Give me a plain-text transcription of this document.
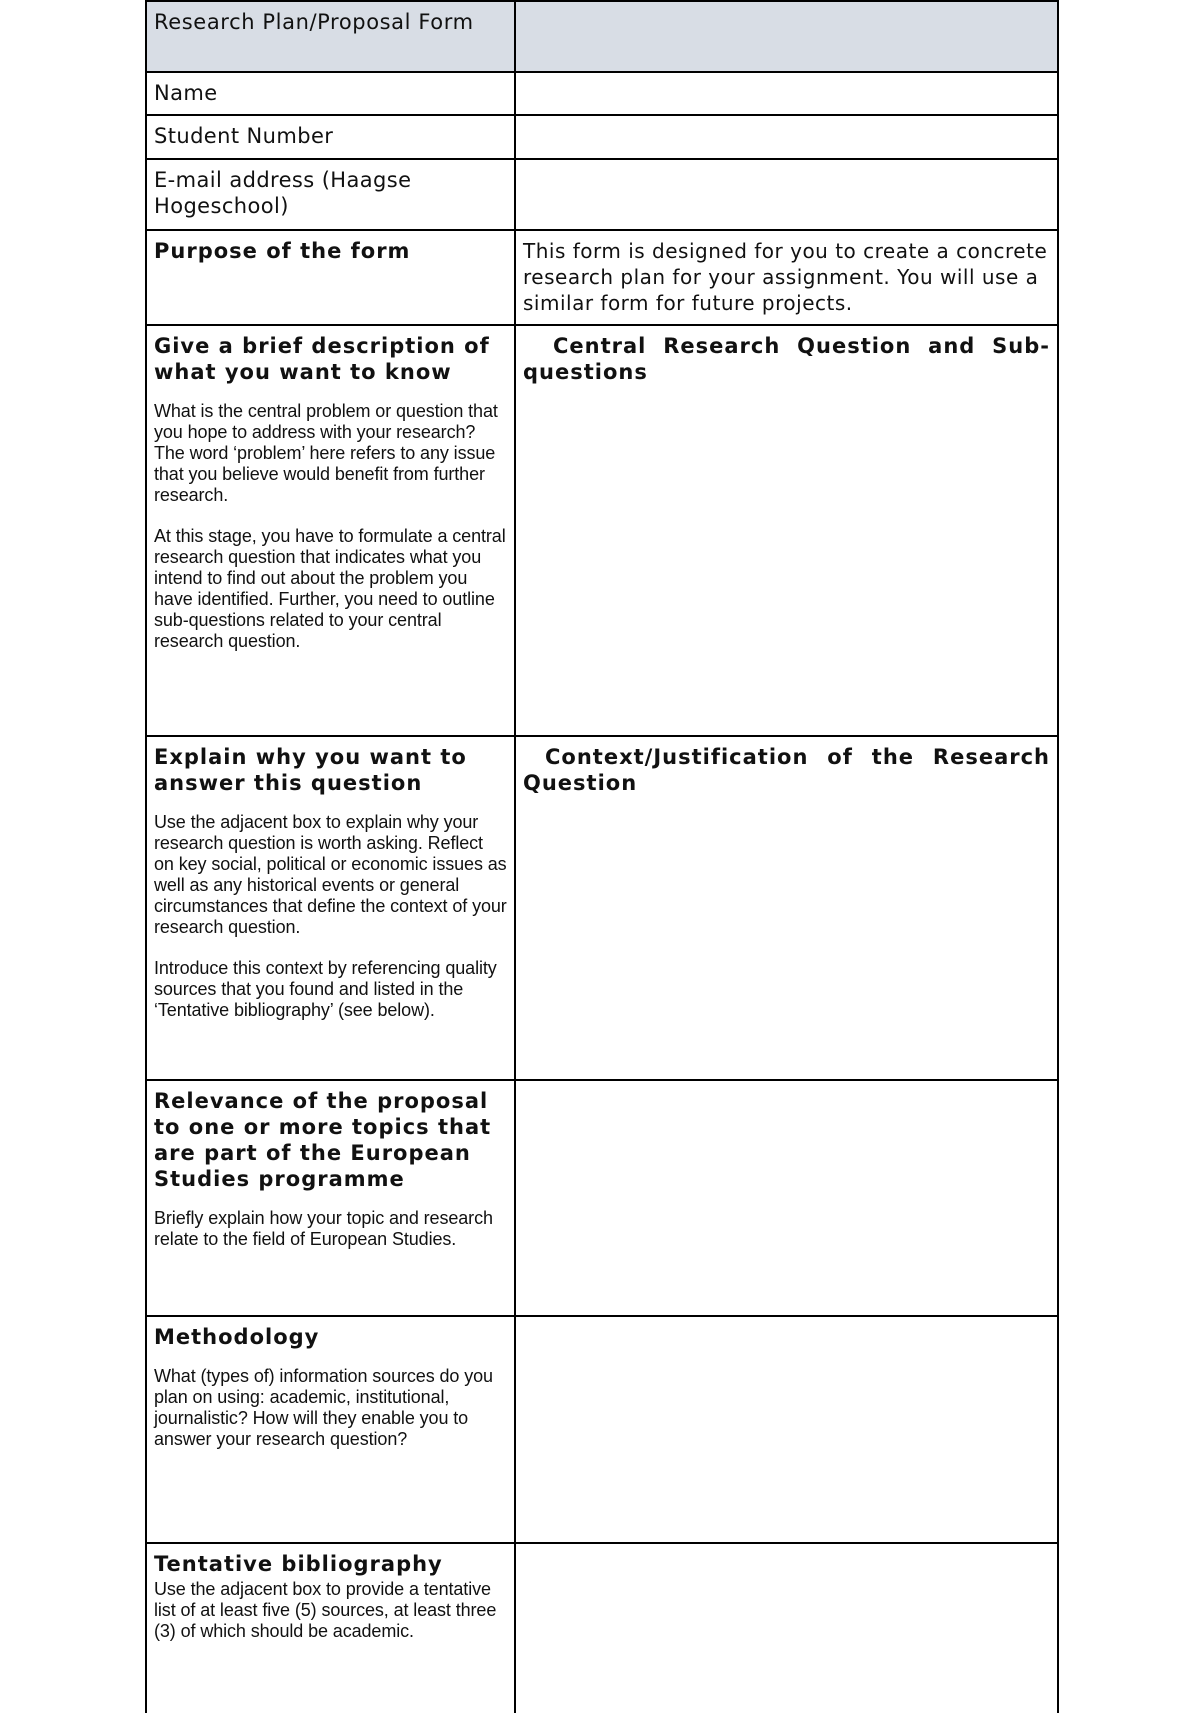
Research Plan/Proposal Form	
Name	
Student Number	
E-mail address (Haagse Hogeschool)	
Purpose of the form	This form is designed for you to create a concrete research plan for your assignment. You will use a similar form for future projects.

Give a brief description of what you want to know

What is the central problem or question that you hope to address with your research? The word ‘problem’ here refers to any issue that you believe would benefit from further research.

At this stage, you have to formulate a central research question that indicates what you intend to find out about the problem you have identified. Further, you need to outline sub-questions related to your central research question.	Central Research Question and Sub-questions

Explain why you want to answer this question

Use the adjacent box to explain why your research question is worth asking. Reflect on key social, political or economic issues as well as any historical events or general circumstances that define the context of your research question.

Introduce this context by referencing quality sources that you found and listed in the ‘Tentative bibliography’ (see below).	Context/Justification of the Research Question

Relevance of the proposal to one or more topics that are part of the European Studies programme

Briefly explain how your topic and research relate to the field of European Studies.	

Methodology

What (types of) information sources do you plan on using: academic, institutional, journalistic? How will they enable you to answer your research question?	

Tentative bibliography

Use the adjacent box to provide a tentative list of at least five (5) sources, at least three (3) of which should be academic.	
